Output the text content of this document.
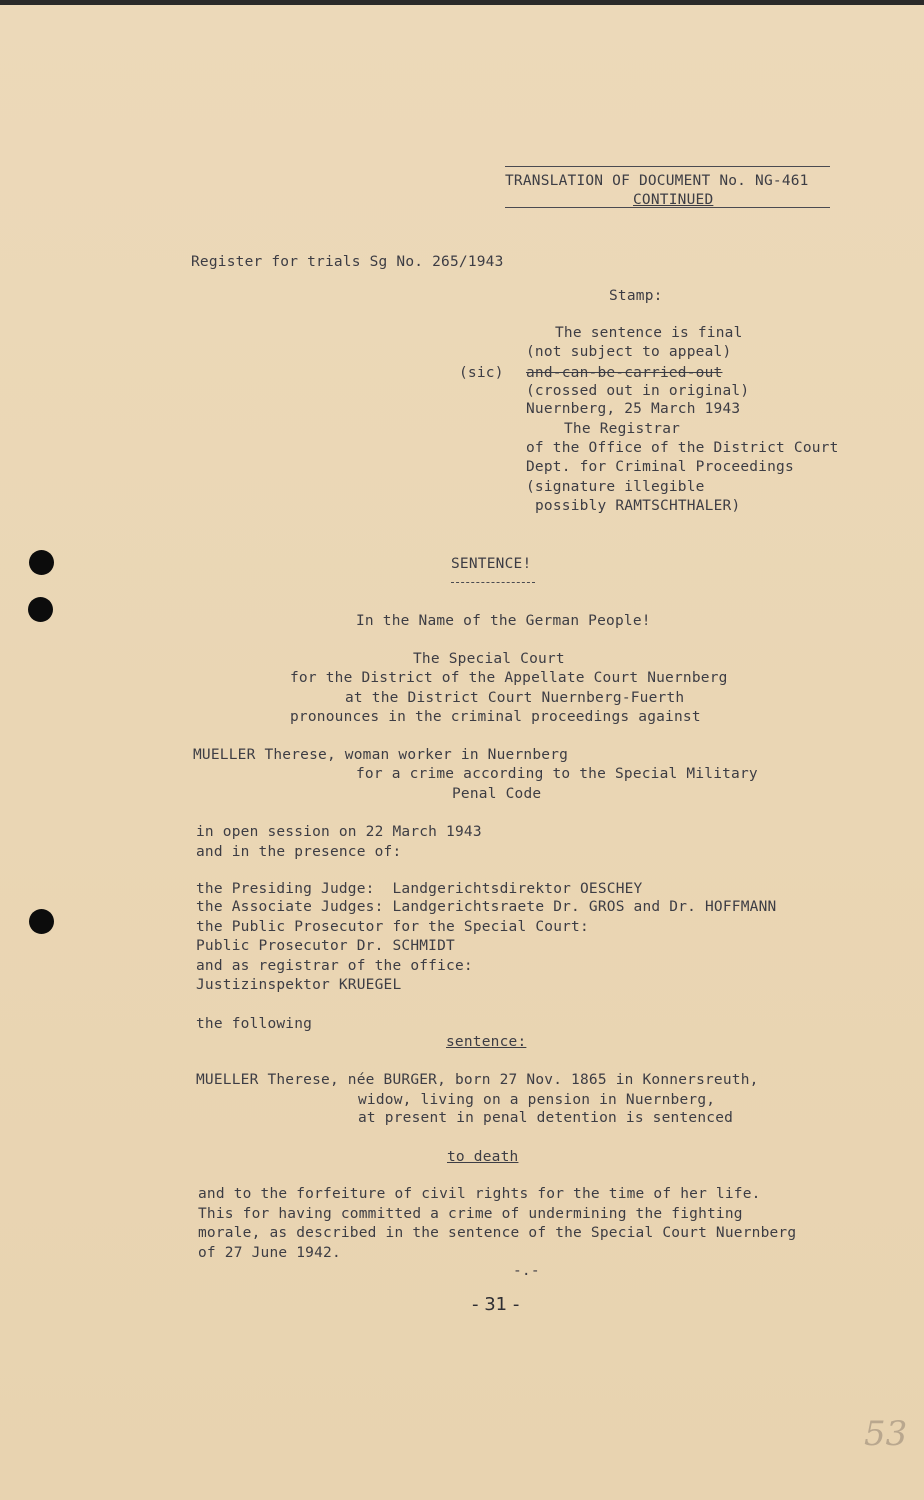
TRANSLATION OF DOCUMENT No. NG-461
CONTINUED
Register for trials Sg No. 265/1943
Stamp:
The sentence is final
(not subject to appeal)
(sic) and-can-be-carried-out
(crossed out in original)
Nuernberg, 25 March 1943
The Registrar
of the Office of the District Court
Dept. for Criminal Proceedings
(signature illegible
possibly RAMTSCHTHALER)
SENTENCE!
In the Name of the German People!
The Special Court
for the District of the Appellate Court Nuernberg
at the District Court Nuernberg-Fuerth
pronounces in the criminal proceedings against
MUELLER Therese, woman worker in Nuernberg
for a crime according to the Special Military
Penal Code
in open session on 22 March 1943
and in the presence of:
the Presiding Judge:  Landgerichtsdirektor OESCHEY
the Associate Judges: Landgerichtsraete Dr. GROS and Dr. HOFFMANN
the Public Prosecutor for the Special Court:
Public Prosecutor Dr. SCHMIDT
and as registrar of the office:
Justizinspektor KRUEGEL
the following
sentence:
MUELLER Therese, née BURGER, born 27 Nov. 1865 in Konnersreuth,
widow, living on a pension in Nuernberg,
at present in penal detention is sentenced
to death
and to the forfeiture of civil rights for the time of her life.
This for having committed a crime of undermining the fighting
morale, as described in the sentence of the Special Court Nuernberg
of 27 June 1942.
-.-
- 31 -
53
